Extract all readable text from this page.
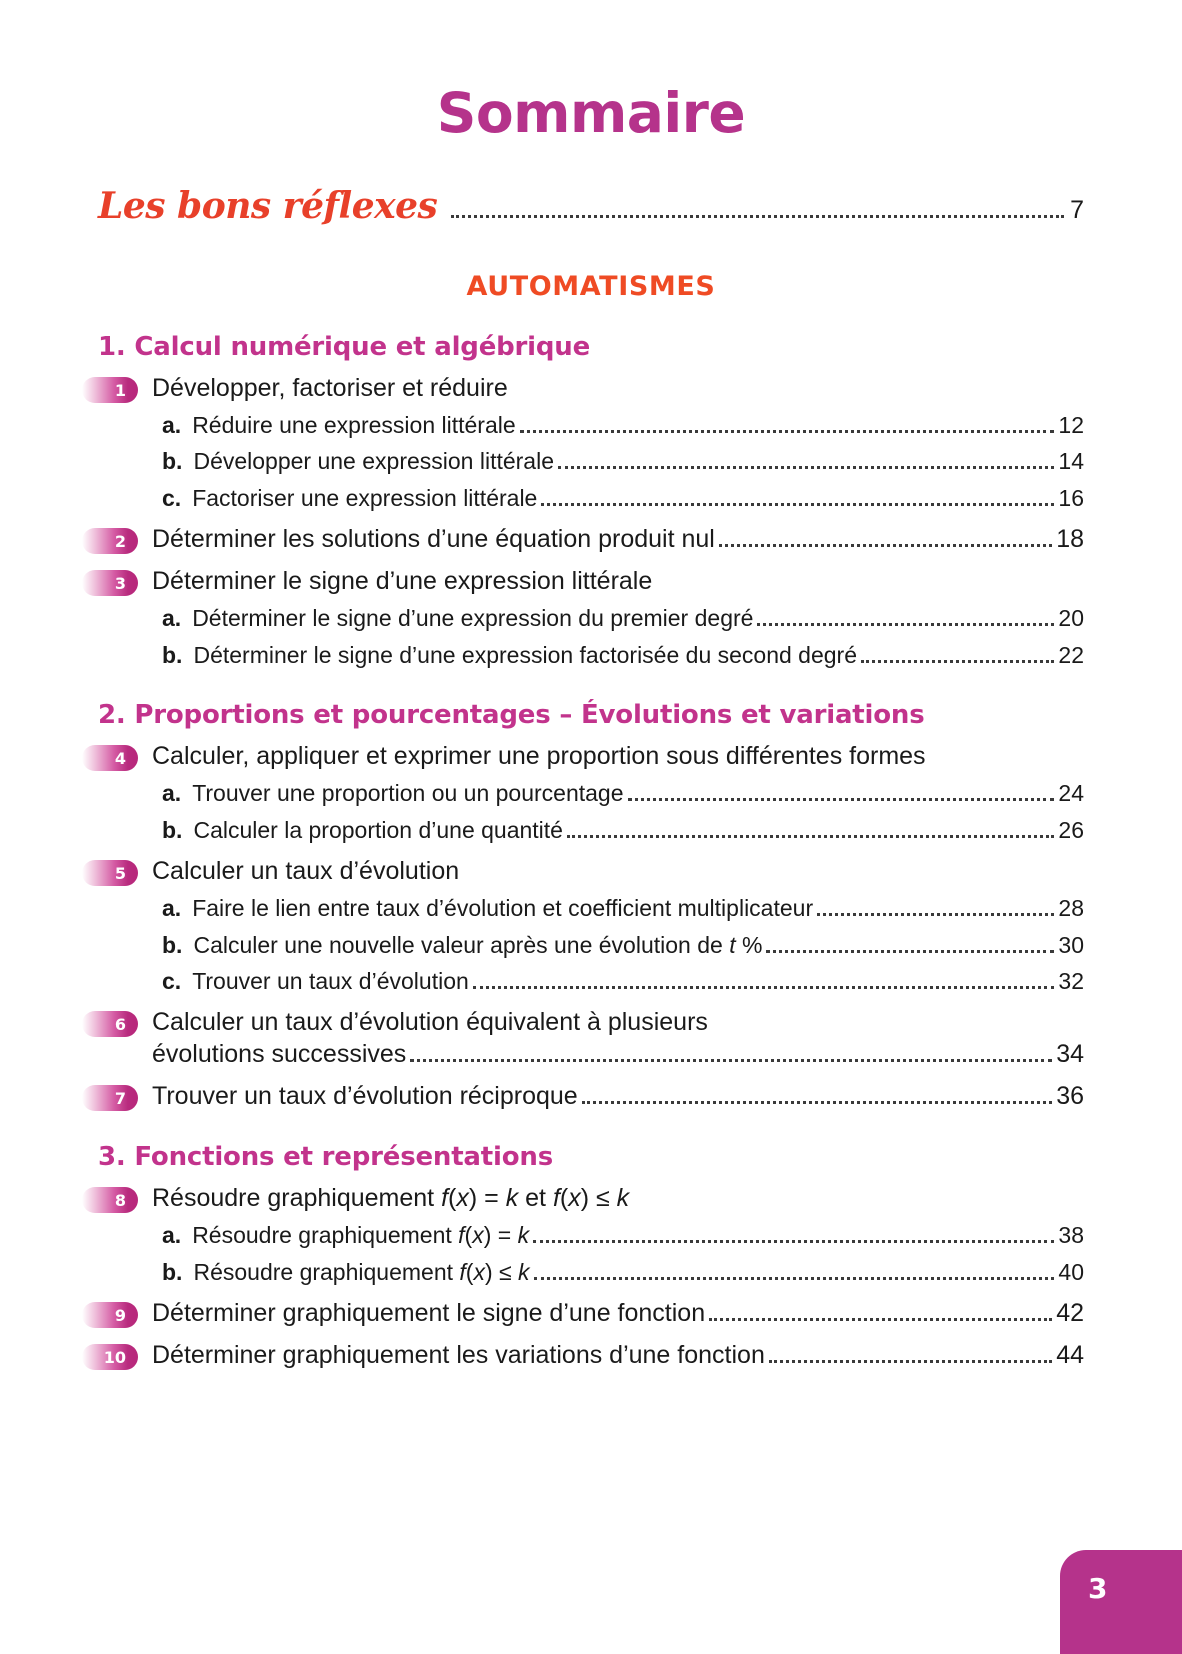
Sommaire
Les bons réflexes	7
AUTOMATISMES
1. Calcul numérique et algébrique
1	Développer, factoriser et réduire
a. Réduire une expression littérale	12
b. Développer une expression littérale	14
c. Factoriser une expression littérale	16
2	Déterminer les solutions d’une équation produit nul	18
3	Déterminer le signe d’une expression littérale
a. Déterminer le signe d’une expression du premier degré	20
b. Déterminer le signe d’une expression factorisée du second degré	22
2. Proportions et pourcentages – Évolutions et variations
4	Calculer, appliquer et exprimer une proportion sous différentes formes
a. Trouver une proportion ou un pourcentage	24
b. Calculer la proportion d’une quantité	26
5	Calculer un taux d’évolution
a. Faire le lien entre taux d’évolution et coefficient multiplicateur	28
b. Calculer une nouvelle valeur après une évolution de t %	30
c. Trouver un taux d’évolution	32
6	Calculer un taux d’évolution équivalent à plusieurs
évolutions successives	34
7	Trouver un taux d’évolution réciproque	36
3. Fonctions et représentations
8	Résoudre graphiquement f(x) = k et f(x) ≤ k
a. Résoudre graphiquement f(x) = k	38
b. Résoudre graphiquement f(x) ≤ k	40
9	Déterminer graphiquement le signe d’une fonction	42
10	Déterminer graphiquement les variations d’une fonction	44
3
